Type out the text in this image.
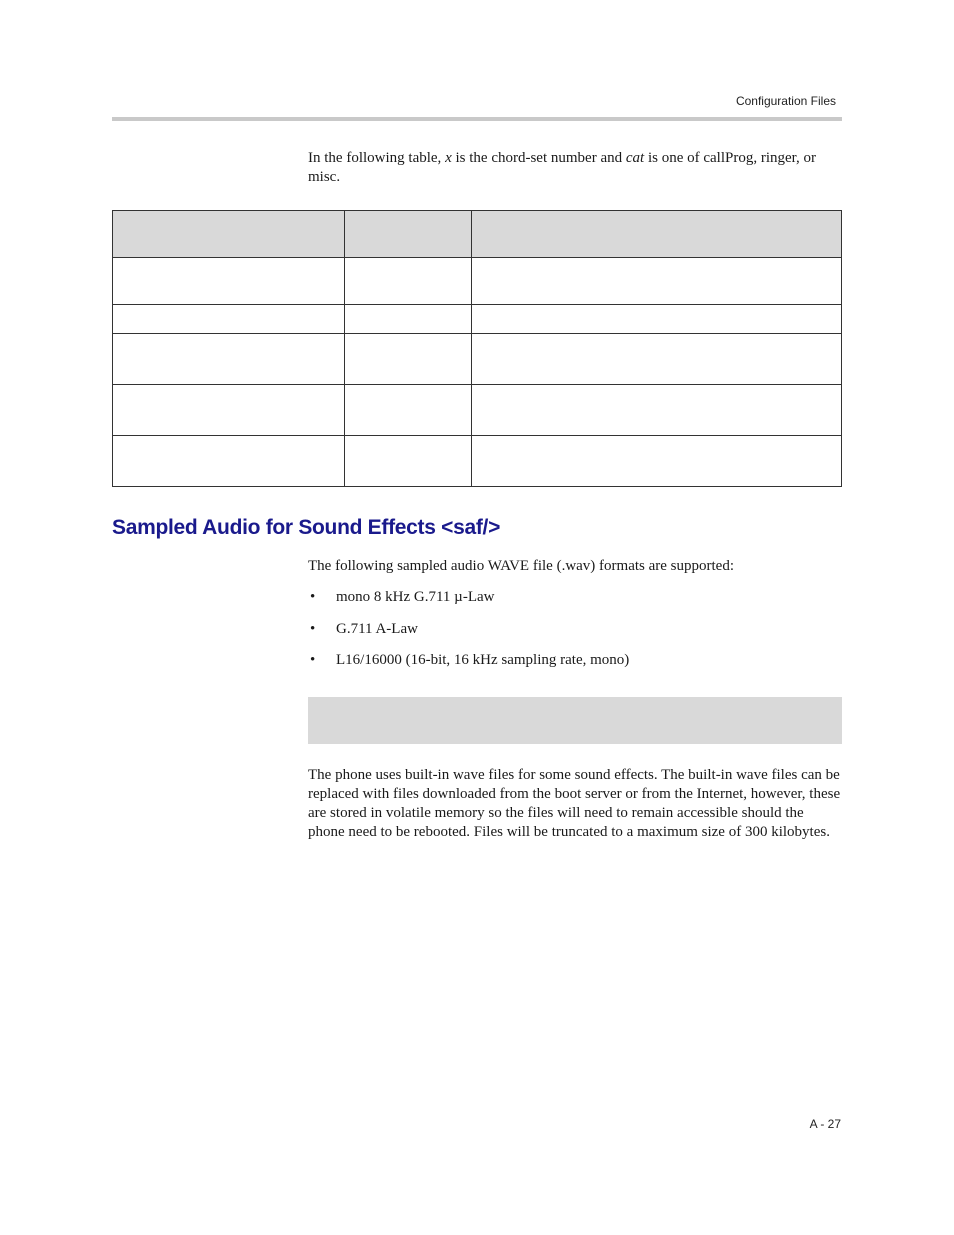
Configuration Files

In the following table, x is the chord-set number and cat is one of callProg, ringer, or misc.

Sampled Audio for Sound Effects <saf/>

The following sampled audio WAVE file (.wav) formats are supported:

• mono 8 kHz G.711 µ-Law
• G.711 A-Law
• L16/16000 (16-bit, 16 kHz sampling rate, mono)

The phone uses built-in wave files for some sound effects. The built-in wave files can be replaced with files downloaded from the boot server or from the Internet, however, these are stored in volatile memory so the files will need to remain accessible should the phone need to be rebooted. Files will be truncated to a maximum size of 300 kilobytes.

A - 27
